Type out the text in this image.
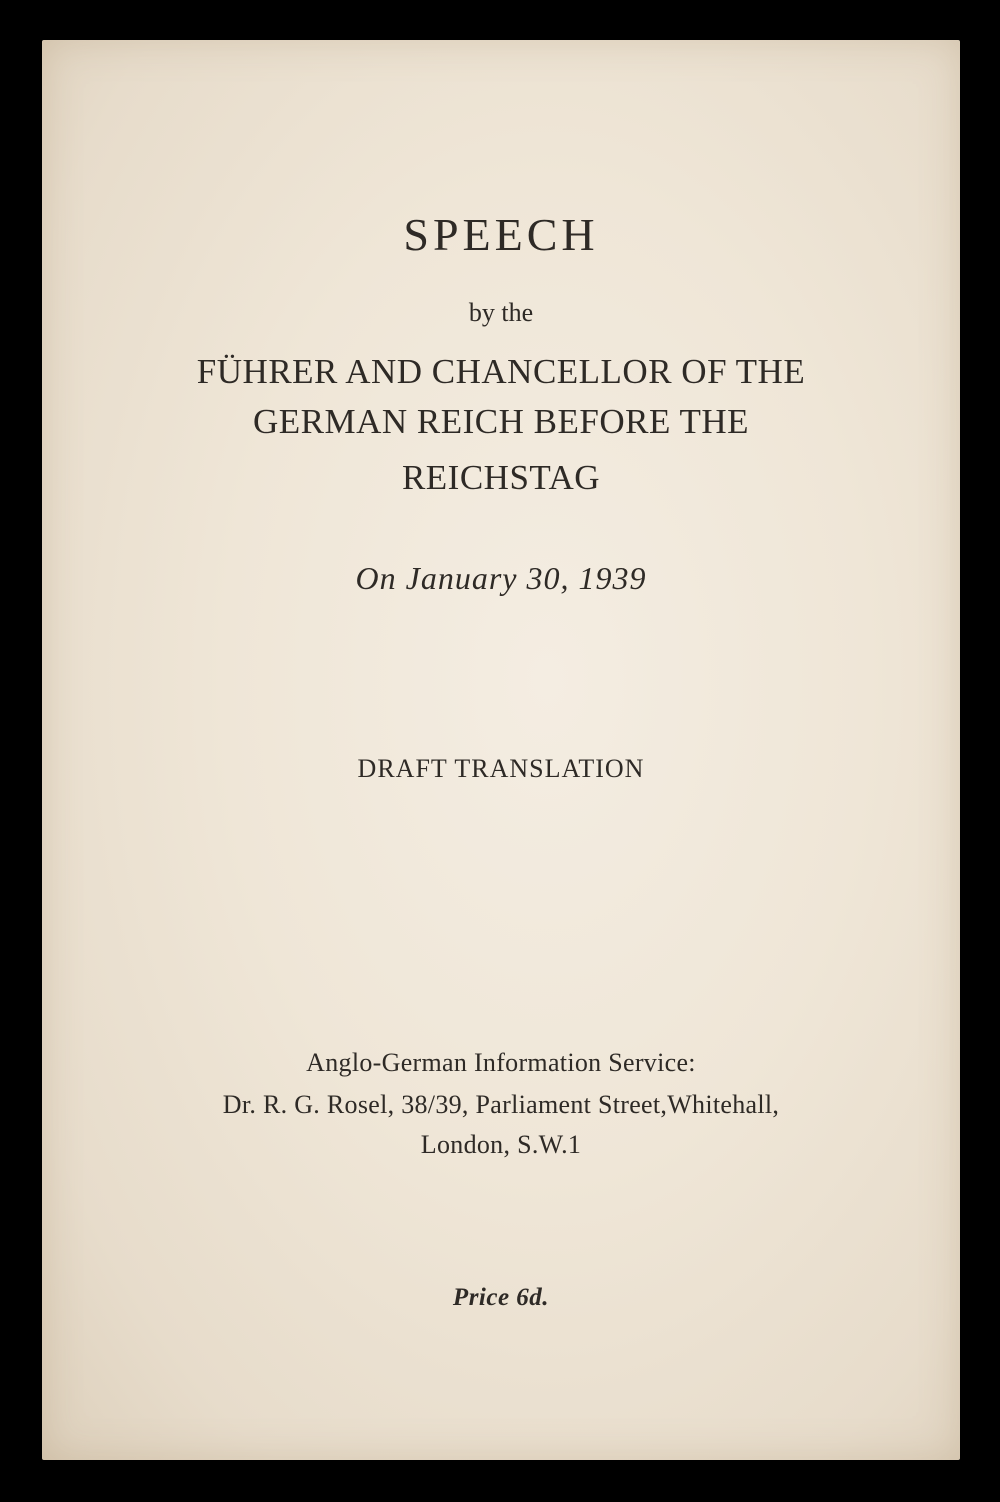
SPEECH
by the
FÜHRER AND CHANCELLOR OF THE
GERMAN REICH BEFORE THE
REICHSTAG
On January 30, 1939
DRAFT TRANSLATION
Anglo-German Information Service:
Dr. R. G. Rosel, 38/39, Parliament Street,Whitehall,
London, S.W.1
Price 6d.
